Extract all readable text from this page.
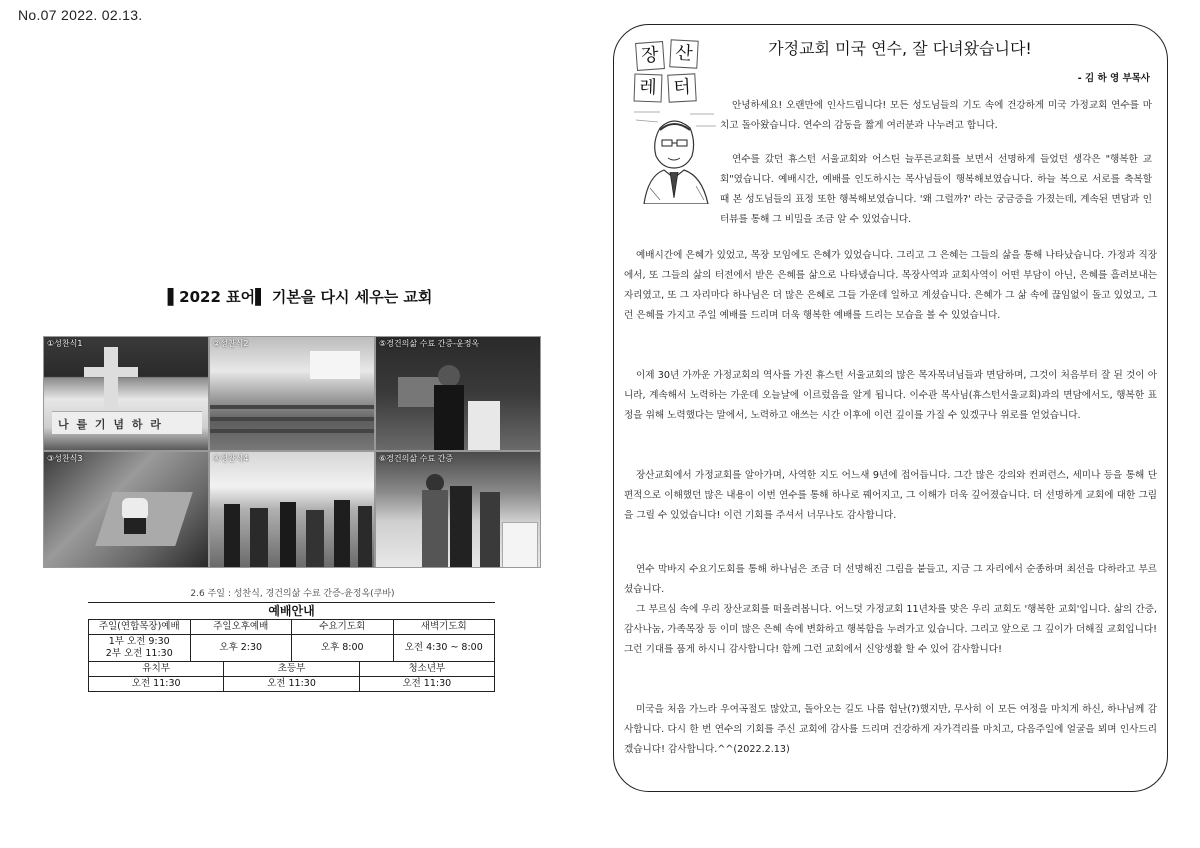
No.07 2022. 02.13.
▌2022 표어▌ 기본을 다시 세우는 교회
나 를 기 념 하 라
①성찬식1	②성찬식2	⑤경건의삶 수료 간증-윤정옥
③성찬식3	④성찬식4	⑥경건의삶 수료 간증
2.6 주일 : 성찬식, 경건의삶 수료 간증-윤정옥(쿠바)
예배안내
주일(연합목장)예배	주일오후예배	수요기도회	새벽기도회

1부 오전 9:30
2부 오전 11:30	오후 2:30	오후 8:00	오전 4:30 ~ 8:00
유치부	초등부	청소년부
오전 11:30	오전 11:30	오전 11:30
장 산
레 터
가정교회 미국 연수, 잘 다녀왔습니다!
- 김 하 영 부목사
안녕하세요! 오랜만에 인사드립니다! 모든 성도님들의 기도 속에 건강하게 미국 가정교회 연수를 마치고 돌아왔습니다. 연수의 감동을 짧게 여러분과 나누려고 합니다.
연수를 갔던 휴스턴 서울교회와 어스틴 늘푸른교회를 보면서 선명하게 들었던 생각은 "행복한 교회"였습니다. 예배시간, 예배를 인도하시는 목사님들이 행복해보였습니다. 하늘 복으로 서로를 축복할 때 본 성도님들의 표정 또한 행복해보였습니다. '왜 그럴까?' 라는 궁금증을 가졌는데, 계속된 면담과 인터뷰를 통해 그 비밀을 조금 알 수 있었습니다.
예배시간에 은혜가 있었고, 목장 모임에도 은혜가 있었습니다. 그리고 그 은혜는 그들의 삶을 통해 나타났습니다. 가정과 직장에서, 또 그들의 삶의 터전에서 받은 은혜를 삶으로 나타냈습니다. 목장사역과 교회사역이 어떤 부담이 아닌, 은혜를 흘려보내는 자리였고, 또 그 자리마다 하나님은 더 많은 은혜로 그들 가운데 일하고 계셨습니다. 은혜가 그 삶 속에 끊임없이 돌고 있었고, 그런 은혜를 가지고 주일 예배를 드리며 더욱 행복한 예배를 드리는 모습을 볼 수 있었습니다.
이제 30년 가까운 가정교회의 역사를 가진 휴스턴 서울교회의 많은 목자목녀님들과 면담하며, 그것이 처음부터 잘 된 것이 아니라, 계속해서 노력하는 가운데 오늘날에 이르렀음을 알게 됩니다. 이수관 목사님(휴스턴서울교회)과의 면담에서도, 행복한 표정을 위해 노력했다는 말에서, 노력하고 애쓰는 시간 이후에 이런 깊이를 가질 수 있겠구나 위로를 얻었습니다.
장산교회에서 가정교회를 알아가며, 사역한 지도 어느새 9년에 접어듭니다. 그간 많은 강의와 컨퍼런스, 세미나 등을 통해 단편적으로 이해했던 많은 내용이 이번 연수를 통해 하나로 꿰어지고, 그 이해가 더욱 깊어졌습니다. 더 선명하게 교회에 대한 그림을 그릴 수 있었습니다! 이런 기회를 주셔서 너무나도 감사합니다.
연수 막바지 수요기도회를 통해 하나님은 조금 더 선명해진 그림을 붙들고, 지금 그 자리에서 순종하며 최선을 다하라고 부르셨습니다.
그 부르심 속에 우리 장산교회를 떠올려봅니다. 어느덧 가정교회 11년차를 맞은 우리 교회도 '행복한 교회'입니다. 삶의 간증, 감사나눔, 가족목장 등 이미 많은 은혜 속에 변화하고 행복함을 누려가고 있습니다. 그리고 앞으로 그 깊이가 더해질 교회입니다! 그런 기대를 품게 하시니 감사합니다! 함께 그런 교회에서 신앙생활 할 수 있어 감사합니다!
미국을 처음 가느라 우여곡절도 많았고, 돌아오는 길도 나름 험난(?)했지만, 무사히 이 모든 여정을 마치게 하신, 하나님께 감사합니다. 다시 한 번 연수의 기회를 주신 교회에 감사를 드리며 건강하게 자가격리를 마치고, 다음주일에 얼굴을 뵈며 인사드리겠습니다! 감사합니다.^^(2022.2.13)
